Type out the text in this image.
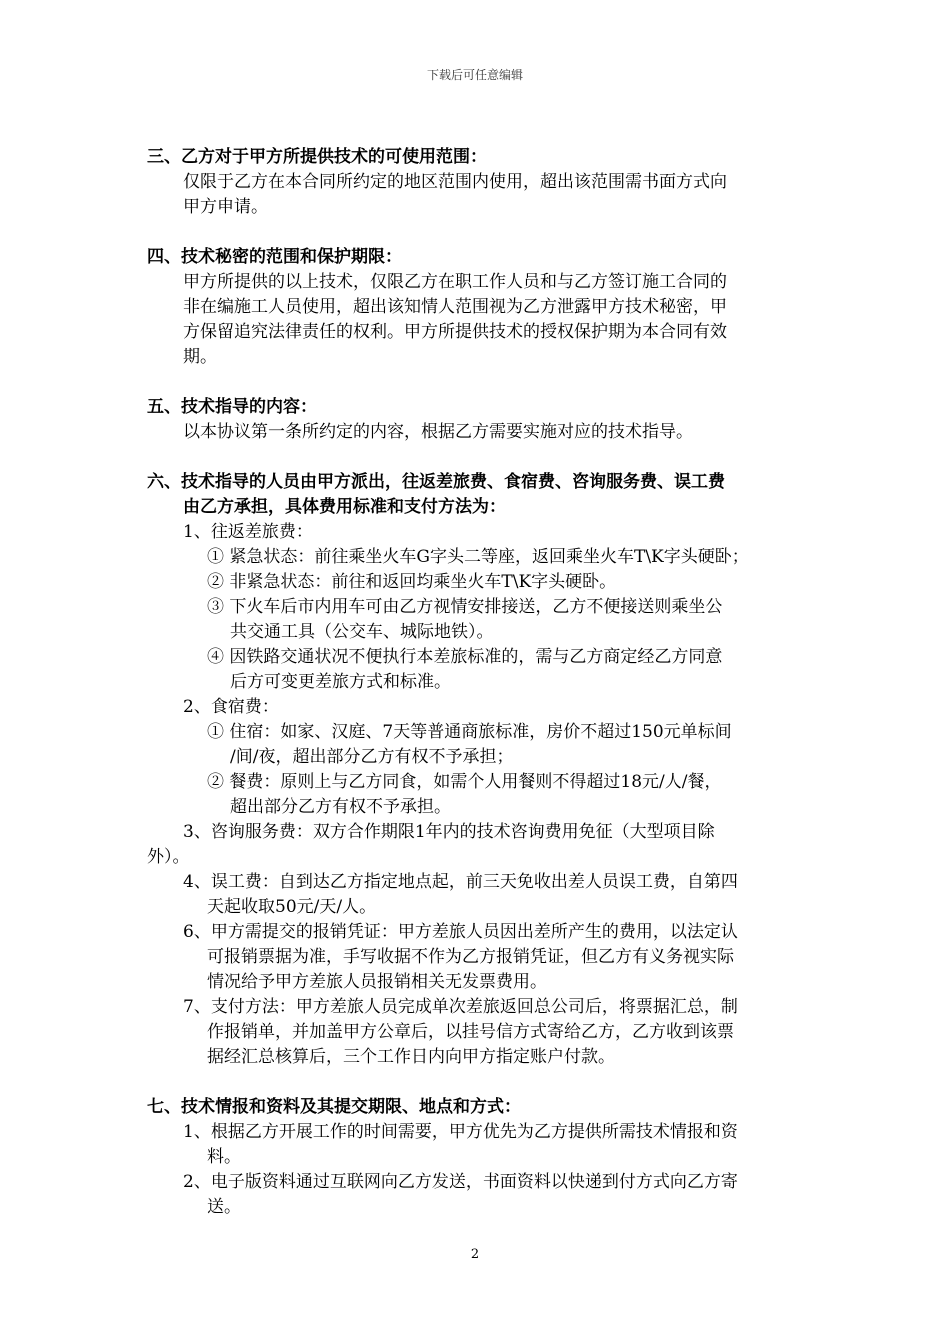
下载后可任意编辑

三、乙方对于甲方所提供技术的可使用范围：

仅限于乙方在本合同所约定的地区范围内使用，超出该范围需书面方式向

甲方申请。

四、技术秘密的范围和保护期限：

甲方所提供的以上技术，仅限乙方在职工作人员和与乙方签订施工合同的

非在编施工人员使用，超出该知情人范围视为乙方泄露甲方技术秘密，甲

方保留追究法律责任的权利。甲方所提供技术的授权保护期为本合同有效

期。

五、技术指导的内容：

以本协议第一条所约定的内容，根据乙方需要实施对应的技术指导。

六、技术指导的人员由甲方派出，往返差旅费、食宿费、咨询服务费、误工费

由乙方承担，具体费用标准和支付方法为：

1、往返差旅费：

① 紧急状态：前往乘坐火车G字头二等座，返回乘坐火车T\K字头硬卧；

② 非紧急状态：前往和返回均乘坐火车T\K字头硬卧。

③ 下火车后市内用车可由乙方视情安排接送，乙方不便接送则乘坐公

共交通工具（公交车、城际地铁）。

④ 因铁路交通状况不便执行本差旅标准的，需与乙方商定经乙方同意

后方可变更差旅方式和标准。

2、食宿费：

① 住宿：如家、汉庭、7天等普通商旅标准，房价不超过150元单标间

/间/夜，超出部分乙方有权不予承担；

② 餐费：原则上与乙方同食，如需个人用餐则不得超过18元/人/餐，

超出部分乙方有权不予承担。

3、咨询服务费：双方合作期限1年内的技术咨询费用免征（大型项目除

外）。

4、误工费：自到达乙方指定地点起，前三天免收出差人员误工费，自第四

天起收取50元/天/人。

6、甲方需提交的报销凭证：甲方差旅人员因出差所产生的费用，以法定认

可报销票据为准，手写收据不作为乙方报销凭证，但乙方有义务视实际

情况给予甲方差旅人员报销相关无发票费用。

7、支付方法：甲方差旅人员完成单次差旅返回总公司后，将票据汇总，制

作报销单，并加盖甲方公章后，以挂号信方式寄给乙方，乙方收到该票

据经汇总核算后，三个工作日内向甲方指定账户付款。

七、技术情报和资料及其提交期限、地点和方式：

1、根据乙方开展工作的时间需要，甲方优先为乙方提供所需技术情报和资

料。

2、电子版资料通过互联网向乙方发送，书面资料以快递到付方式向乙方寄

送。

2
